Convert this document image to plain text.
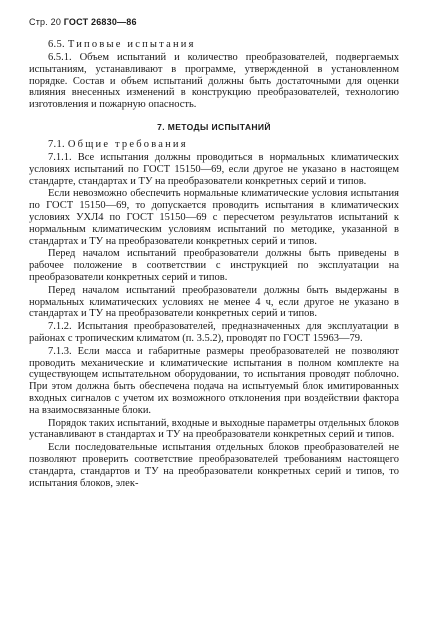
Стр. 20 ГОСТ 26830—86
6.5. Типовые испытания

6.5.1. Объем испытаний и количество преобразователей, подвергаемых испытаниям, устанавливают в программе, утвержденной в установленном порядке. Состав и объем испытаний должны быть достаточными для оценки влияния внесенных изменений в конструкцию преобразователей, технологию изготовления и пожарную опасность.

7. МЕТОДЫ ИСПЫТАНИЙ
7.1. Общие требования

7.1.1. Все испытания должны проводиться в нормальных климатических условиях испытаний по ГОСТ 15150—69, если другое не указано в настоящем стандарте, стандартах и ТУ на преобразователи конкретных серий и типов.

Если невозможно обеспечить нормальные климатические условия испытания по ГОСТ 15150—69, то допускается проводить испытания в климатических условиях УХЛ4 по ГОСТ 15150—69 с пересчетом результатов испытаний к нормальным климатическим условиям испытаний по методике, указанной в стандартах и ТУ на преобразователи конкретных серий и типов.

Перед началом испытаний преобразователи должны быть приведены в рабочее положение в соответствии с инструкцией по эксплуатации на преобразователи конкретных серий и типов.

Перед началом испытаний преобразователи должны быть выдержаны в нормальных климатических условиях не менее 4 ч, если другое не указано в стандартах и ТУ на преобразователи конкретных серий и типов.

7.1.2. Испытания преобразователей, предназначенных для эксплуатации в районах с тропическим климатом (п. 3.5.2), проводят по ГОСТ 15963—79.

7.1.3. Если масса и габаритные размеры преобразователей не позволяют проводить механические и климатические испытания в полном комплекте на существующем испытательном оборудовании, то испытания проводят поблочно. При этом должна быть обеспечена подача на испытуемый блок имитированных входных сигналов с учетом их возможного отклонения при воздействии фактора на взаимосвязанные блоки.

Порядок таких испытаний, входные и выходные параметры отдельных блоков устанавливают в стандартах и ТУ на преобразователи конкретных серий и типов.

Если последовательные испытания отдельных блоков преобразователей не позволяют проверить соответствие преобразователей требованиям настоящего стандарта, стандартов и ТУ на преобразователи конкретных серий и типов, то испытания блоков, элек-
